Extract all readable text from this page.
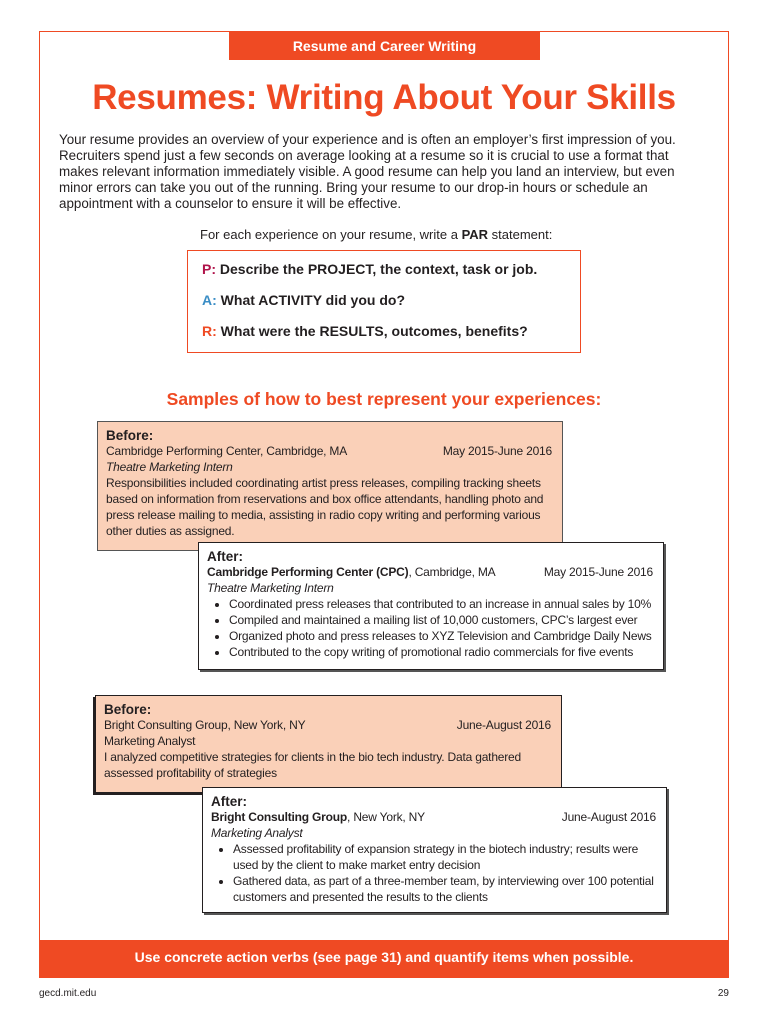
Resume and Career Writing
Resumes: Writing About Your Skills
Your resume provides an overview of your experience and is often an employer’s first impression of you. Recruiters spend just a few seconds on average looking at a resume so it is crucial to use a format that makes relevant information immediately visible. A good resume can help you land an interview, but even minor errors can take you out of the running. Bring your resume to our drop-in hours or schedule an appointment with a counselor to ensure it will be effective.
For each experience on your resume, write a PAR statement:
P: Describe the PROJECT, the context, task or job.
A: What ACTIVITY did you do?
R: What were the RESULTS, outcomes, benefits?
Samples of how to best represent your experiences:
Before:
Cambridge Performing Center, Cambridge, MA	May 2015-June 2016
Theatre Marketing Intern
Responsibilities included coordinating artist press releases, compiling tracking sheets based on information from reservations and box office attendants, handling photo and press release mailing to media, assisting in radio copy writing and performing various other duties as assigned.
After:
Cambridge Performing Center (CPC), Cambridge, MA	May 2015-June 2016
Theatre Marketing Intern
• Coordinated press releases that contributed to an increase in annual sales by 10%
• Compiled and maintained a mailing list of 10,000 customers, CPC’s largest ever
• Organized photo and press releases to XYZ Television and Cambridge Daily News
• Contributed to the copy writing of promotional radio commercials for five events
Before:
Bright Consulting Group, New York, NY	June-August 2016
Marketing Analyst
I analyzed competitive strategies for clients in the bio tech industry. Data gathered assessed profitability of strategies
After:
Bright Consulting Group, New York, NY	June-August 2016
Marketing Analyst
• Assessed profitability of expansion strategy in the biotech industry; results were used by the client to make market entry decision
• Gathered data, as part of a three-member team, by interviewing over 100 potential customers and presented the results to the clients
Use concrete action verbs (see page 31) and quantify items when possible.
gecd.mit.edu	29
